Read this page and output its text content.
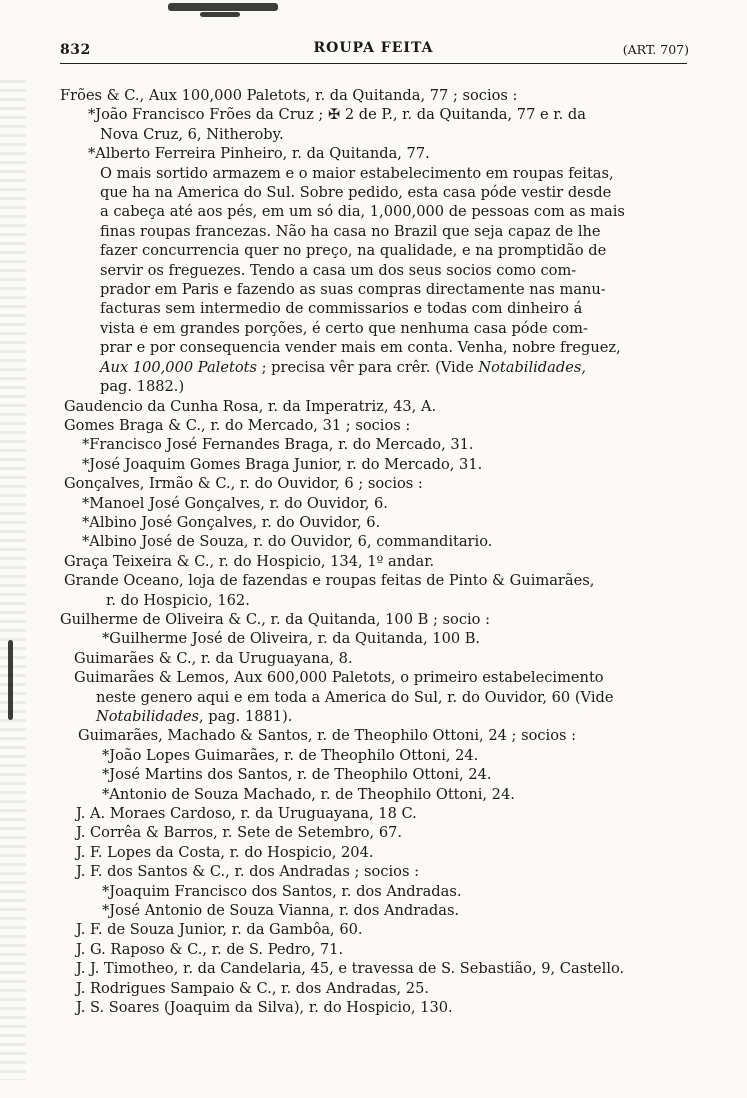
832	ROUPA FEITA	(ART. 707)
Frões & C., Aux 100,000 Paletots, r. da Quitanda, 77 ; socios :
*João Francisco Frões da Cruz ; ✠ 2 de P., r. da Quitanda, 77 e r. da
Nova Cruz, 6, Nitheroby.
*Alberto Ferreira Pinheiro, r. da Quitanda, 77.
O mais sortido armazem e o maior estabelecimento em roupas feitas,
que ha na America do Sul. Sobre pedido, esta casa póde vestir desde
a cabeça até aos pés, em um só dia, 1,000,000 de pessoas com as mais
finas roupas francezas. Não ha casa no Brazil que seja capaz de lhe
fazer concurrencia quer no preço, na qualidade, e na promptidão de
servir os freguezes. Tendo a casa um dos seus socios como com-
prador em Paris e fazendo as suas compras directamente nas manu-
facturas sem intermedio de commissarios e todas com dinheiro á
vista e em grandes porções, é certo que nenhuma casa póde com-
prar e por consequencia vender mais em conta. Venha, nobre freguez,
Aux 100,000 Paletots ; precisa vêr para crêr. (Vide Notabilidades,
pag. 1882.)
Gaudencio da Cunha Rosa, r. da Imperatriz, 43, A.
Gomes Braga & C., r. do Mercado, 31 ; socios :
*Francisco José Fernandes Braga, r. do Mercado, 31.
*José Joaquim Gomes Braga Junior, r. do Mercado, 31.
Gonçalves, Irmão & C., r. do Ouvidor, 6 ; socios :
*Manoel José Gonçalves, r. do Ouvidor, 6.
*Albino José Gonçalves, r. do Ouvidor, 6.
*Albino José de Souza, r. do Ouvidor, 6, commanditario.
Graça Teixeira & C., r. do Hospicio, 134, 1º andar.
Grande Oceano, loja de fazendas e roupas feitas de Pinto & Guimarães,
r. do Hospicio, 162.
Guilherme de Oliveira & C., r. da Quitanda, 100 B ; socio :
*Guilherme José de Oliveira, r. da Quitanda, 100 B.
Guimarães & C., r. da Uruguayana, 8.
Guimarães & Lemos, Aux 600,000 Paletots, o primeiro estabelecimento
neste genero aqui e em toda a America do Sul, r. do Ouvidor, 60 (Vide
Notabilidades, pag. 1881).
Guimarães, Machado & Santos, r. de Theophilo Ottoni, 24 ; socios :
*João Lopes Guimarães, r. de Theophilo Ottoni, 24.
*José Martins dos Santos, r. de Theophilo Ottoni, 24.
*Antonio de Souza Machado, r. de Theophilo Ottoni, 24.
J. A. Moraes Cardoso, r. da Uruguayana, 18 C.
J. Corrêa & Barros, r. Sete de Setembro, 67.
J. F. Lopes da Costa, r. do Hospicio, 204.
J. F. dos Santos & C., r. dos Andradas ; socios :
*Joaquim Francisco dos Santos, r. dos Andradas.
*José Antonio de Souza Vianna, r. dos Andradas.
J. F. de Souza Junior, r. da Gambôa, 60.
J. G. Raposo & C., r. de S. Pedro, 71.
J. J. Timotheo, r. da Candelaria, 45, e travessa de S. Sebastião, 9, Castello.
J. Rodrigues Sampaio & C., r. dos Andradas, 25.
J. S. Soares (Joaquim da Silva), r. do Hospicio, 130.
